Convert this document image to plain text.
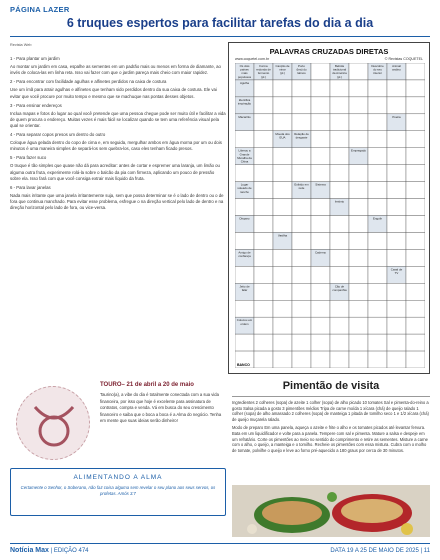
PÁGINA LAZER
6 truques espertos para facilitar tarefas do dia a dia
Revista Web

1 - Para plantar um jardim

Ao montar um jardim em casa, espalhe as sementes em um padrão mais ou menos em forma de diamante, ao invés de coloca-las em linha reta. Isso vai fazer com que o jardim pareça mais cheio com maior rapidez.

2 - Para encontrar com facilidade agulhas e alfinetes perdidos na caixa de costura

Use um ímã para atrair agulhas e alfinetes que tenham sido perdidos dentro da sua caixa de costura. Ele vai evitar que você procure por muito tempo e mesmo que se machuque nas pontas desses objetos.

3 - Para ensinar endereços

Inclua mapas e fotos do lugar ao qual você pretende que uma pessoa chegue pode ser muito útil e facilitar a vida de quem procura o endereço. Muitas vezes é mais fácil se localizar quando se tem uma referência visual pela qual se orientar.

4 - Para separar copos presos um dentro do outro

Coloque água gelada dentro do copo de cima e, em seguida, mergulhar ambos em água morna por um ou dois minutos é uma maneira simples de separá-los sem quebra-los, caso eles tenham ficado presos.

5 - Para fazer suco

O truque é tão simples que quase não dá para acreditar: antes de cortar e espremer uma laranja, um limão ou alguma outra fruta, experimente rolá-la sobre o balcão da pia com firmeza, aplicando um pouco de pressão sobre ela. Isso fará com que você consiga extrair mais líquido da fruta.

6 - Para lavar janelas

Nada mais irritante que uma janela irritantemente suja, sem que possa determinar se é o lado de dentro ou o de fora que continua manchado. Para evitar esse problema, esfregue o na direção vertical pelo lado de dentro e na direção horizontal pelo lado de fora, ou vice-versa.

PALAVRAS CRUZADAS DIRETAS
www.coquetel.com.br	© Revistas COQUETEL
Os dois
países
mais
populosos
Forma
redonda de
fermento
(pl.)
Canção de
ninar
(pl.)
Porto
(bra) do
latinos
Bebida
tradicional
da América
(pl.)
Descobre
do seu
interior
Animal
andino
Agulha
Identifica
inspiração
Macarrão	Poeira
Moeda dos
EUA
Relação de
desgaste
Liberou a
Grande
Muralha da
China
Empregado
Lugar
soleado de
rancho
Exibido em
rede
Sistema
Instinto
Disparo	Engolir
Vasilha
Amigo de
confiança
Caderno
Casal de
TV
Jeito de
falar
Cão de
companhia
Colocou em
ordem
BANCO
TOURO– 21 de abril a 20 de maio
Taurino(a), a vibe do dia é totalmente conectada com a sua vida financeira, por isso que hoje é excelente para assinatura de contratos, compra e venda. Vá em busca do seu crescimento financeiro e saiba que o boca a boca é a Alma do negócio. Tenha em mente que suas ideias serão dinheiro!
ALIMENTANDO A ALMA
Certamente o Senhor, o Soberano, não faz coisa alguma sem revelar o seu plano aos seus servos, os profetas. Amós 3:7
Pimentão de visita

Ingredientes 2 colheres (sopa) de azeite 1 colher (sopa) de alho picado 10 tomates Sal e pimenta-do-reino a gosto Salsa picada a gosto 3 pimentões médios Tripa de carne moída 1 xícara (chá) de queijo ralado 1 colher (sopa) de alho amassado 2 colheres (sopa) de manteiga 1 pitada de tomilho seco 1 e 1/2 xícara (chá) de queijo muçarela ralado.

Modo de preparo Em uma panela, aqueça o azeite e frite o alho e os tomates picados até levantar fervura. Bata em um liquidificador e volte para a panela. Tempere com sal e pimenta. Mature a salsa e despeje em um refratário. Corte os pimentões ao meio no sentido do comprimento e retire as sementes. Misture a carne com o alho, o queijo, a manteiga e o tomilho. Recheie os pimentões com essa mistura. Cubra com o molho de tomate, polvilhe o queijo e leve ao forno pré-aquecido a 180 graus por cerca de 30 minutos.

Notícia Max | EDIÇÃO 474	DATA 19 A 25 DE MAIO DE 2025 | 11
